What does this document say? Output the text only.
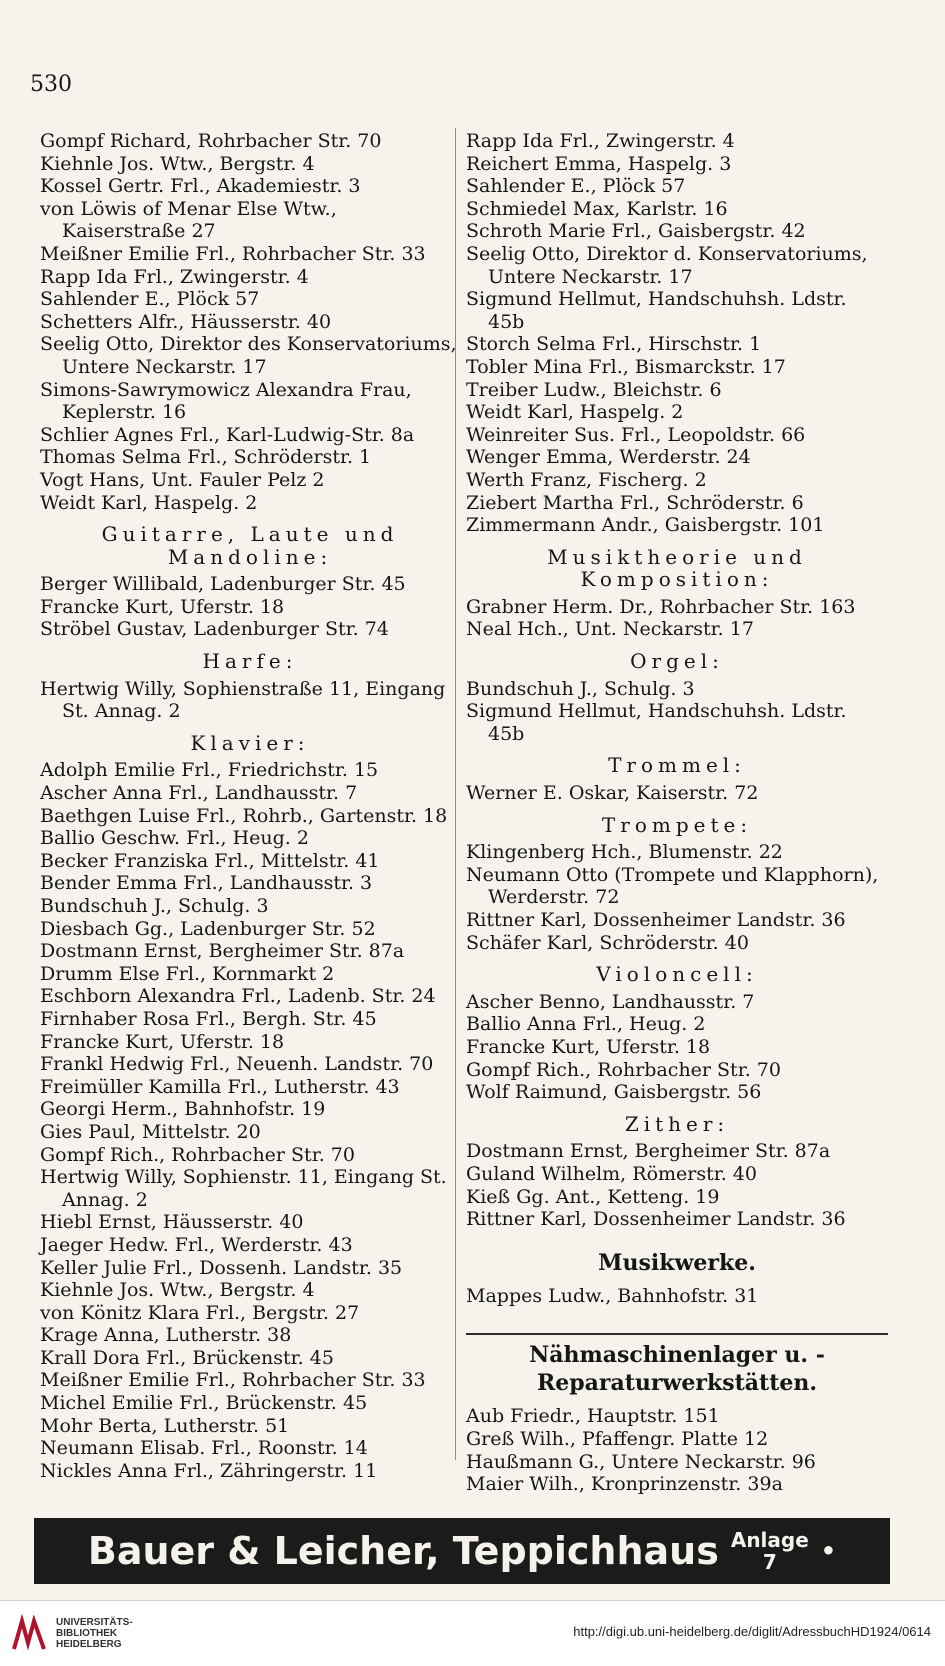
530
Gompf Richard, Rohrbacher Str. 70
Kiehnle Jos. Wtw., Bergstr. 4
Kossel Gertr. Frl., Akademiestr. 3
von Löwis of Menar Else Wtw., Kaiserstraße 27
Meißner Emilie Frl., Rohrbacher Str. 33
Rapp Ida Frl., Zwingerstr. 4
Sahlender E., Plöck 57
Schetters Alfr., Häusserstr. 40
Seelig Otto, Direktor des Konservatoriums, Untere Neckarstr. 17
Simons-Sawrymowicz Alexandra Frau, Keplerstr. 16
Schlier Agnes Frl., Karl-Ludwig-Str. 8a
Thomas Selma Frl., Schröderstr. 1
Vogt Hans, Unt. Fauler Pelz 2
Weidt Karl, Haspelg. 2
Guitarre, Laute und Mandoline:
Berger Willibald, Ladenburger Str. 45
Francke Kurt, Uferstr. 18
Ströbel Gustav, Ladenburger Str. 74
Harfe:
Hertwig Willy, Sophienstraße 11, Eingang St. Annag. 2
Klavier:
Adolph Emilie Frl., Friedrichstr. 15
Ascher Anna Frl., Landhausstr. 7
Baethgen Luise Frl., Rohrb., Gartenstr. 18
Ballio Geschw. Frl., Heug. 2
Becker Franziska Frl., Mittelstr. 41
Bender Emma Frl., Landhausstr. 3
Bundschuh J., Schulg. 3
Diesbach Gg., Ladenburger Str. 52
Dostmann Ernst, Bergheimer Str. 87a
Drumm Else Frl., Kornmarkt 2
Eschborn Alexandra Frl., Ladenb. Str. 24
Firnhaber Rosa Frl., Bergh. Str. 45
Francke Kurt, Uferstr. 18
Frankl Hedwig Frl., Neuenh. Landstr. 70
Freimüller Kamilla Frl., Lutherstr. 43
Georgi Herm., Bahnhofstr. 19
Gies Paul, Mittelstr. 20
Gompf Rich., Rohrbacher Str. 70
Hertwig Willy, Sophienstr. 11, Eingang St. Annag. 2
Hiebl Ernst, Häusserstr. 40
Jaeger Hedw. Frl., Werderstr. 43
Keller Julie Frl., Dossenh. Landstr. 35
Kiehnle Jos. Wtw., Bergstr. 4
von Könitz Klara Frl., Bergstr. 27
Krage Anna, Lutherstr. 38
Krall Dora Frl., Brückenstr. 45
Meißner Emilie Frl., Rohrbacher Str. 33
Michel Emilie Frl., Brückenstr. 45
Mohr Berta, Lutherstr. 51
Neumann Elisab. Frl., Roonstr. 14
Nickles Anna Frl., Zähringerstr. 11
Rapp Ida Frl., Zwingerstr. 4
Reichert Emma, Haspelg. 3
Sahlender E., Plöck 57
Schmiedel Max, Karlstr. 16
Schroth Marie Frl., Gaisbergstr. 42
Seelig Otto, Direktor d. Konservatoriums, Untere Neckarstr. 17
Sigmund Hellmut, Handschuhsh. Ldstr. 45b
Storch Selma Frl., Hirschstr. 1
Tobler Mina Frl., Bismarckstr. 17
Treiber Ludw., Bleichstr. 6
Weidt Karl, Haspelg. 2
Weinreiter Sus. Frl., Leopoldstr. 66
Wenger Emma, Werderstr. 24
Werth Franz, Fischerg. 2
Ziebert Martha Frl., Schröderstr. 6
Zimmermann Andr., Gaisbergstr. 101
Musiktheorie und Komposition:
Grabner Herm. Dr., Rohrbacher Str. 163
Neal Hch., Unt. Neckarstr. 17
Orgel:
Bundschuh J., Schulg. 3
Sigmund Hellmut, Handschuhsh. Ldstr. 45b
Trommel:
Werner E. Oskar, Kaiserstr. 72
Trompete:
Klingenberg Hch., Blumenstr. 22
Neumann Otto (Trompete und Klapphorn), Werderstr. 72
Rittner Karl, Dossenheimer Landstr. 36
Schäfer Karl, Schröderstr. 40
Violoncell:
Ascher Benno, Landhausstr. 7
Ballio Anna Frl., Heug. 2
Francke Kurt, Uferstr. 18
Gompf Rich., Rohrbacher Str. 70
Wolf Raimund, Gaisbergstr. 56
Zither:
Dostmann Ernst, Bergheimer Str. 87a
Guland Wilhelm, Römerstr. 40
Kieß Gg. Ant., Ketteng. 19
Rittner Karl, Dossenheimer Landstr. 36
Musikwerke.
Mappes Ludw., Bahnhofstr. 31
Nähmaschinenlager u. -Reparaturwerkstätten.
Aub Friedr., Hauptstr. 151
Greß Wilh., Pfaffengr. Platte 12
Haußmann G., Untere Neckarstr. 96
Maier Wilh., Kronprinzenstr. 39a
Bauer & Leicher, Teppichhaus Anlage
7	•
UNIVERSITÄTS-
BIBLIOTHEK
HEIDELBERG
http://digi.ub.uni-heidelberg.de/diglit/AdressbuchHD1924/0614
